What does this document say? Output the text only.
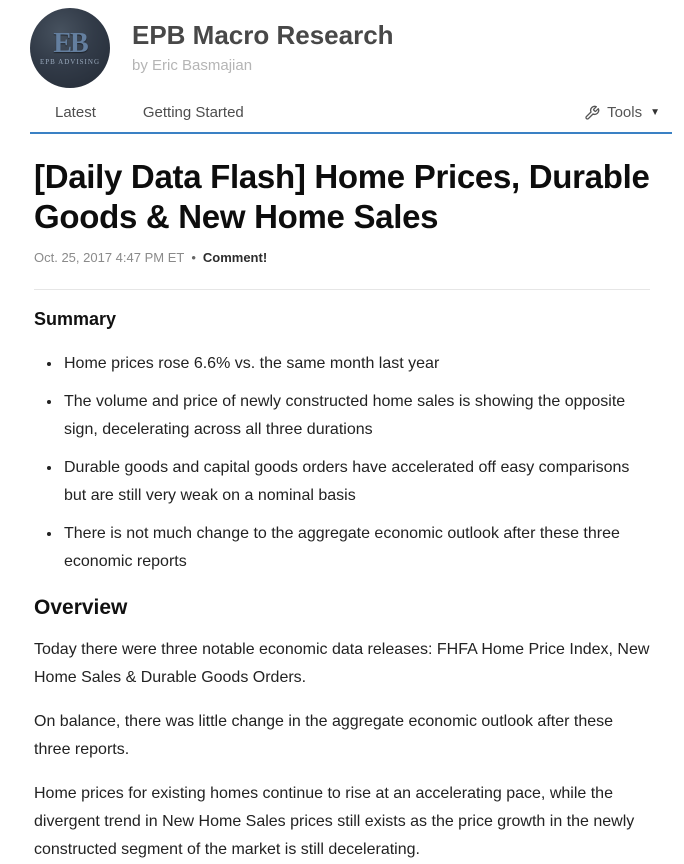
EB
EPB ADVISING
EPB Macro Research
by Eric Basmajian
Latest	Getting Started	Tools ▼
[Daily Data Flash] Home Prices, Durable Goods & New Home Sales
Oct. 25, 2017 4:47 PM ET • Comment!
Summary
• Home prices rose 6.6% vs. the same month last year
• The volume and price of newly constructed home sales is showing the opposite sign, decelerating across all three durations
• Durable goods and capital goods orders have accelerated off easy comparisons but are still very weak on a nominal basis
• There is not much change to the aggregate economic outlook after these three economic reports
Overview

Today there were three notable economic data releases: FHFA Home Price Index, New Home Sales & Durable Goods Orders.

On balance, there was little change in the aggregate economic outlook after these three reports.

Home prices for existing homes continue to rise at an accelerating pace, while the divergent trend in New Home Sales prices still exists as the price growth in the newly constructed segment of the market is still decelerating.
